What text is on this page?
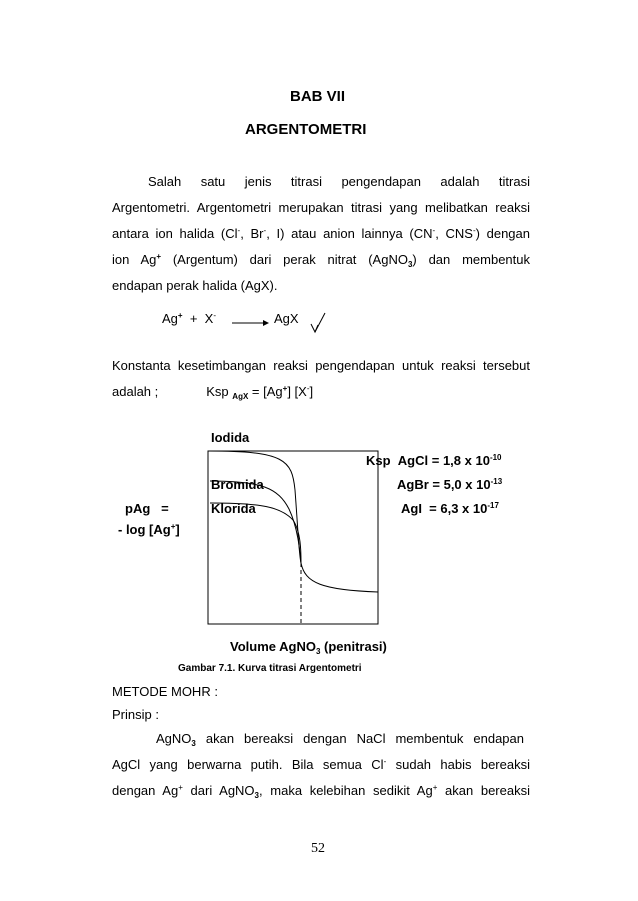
BAB VII
ARGENTOMETRI
Salah satu jenis titrasi pengendapan adalah titrasi
Argentometri. Argentometri merupakan titrasi yang melibatkan reaksi
antara ion halida (Cl-, Br-, I) atau anion lainnya (CN-, CNS-) dengan
ion Ag+ (Argentum) dari perak nitrat (AgNO$_3$) dan membentuk
endapan perak halida (AgX).
Ag+ + X- → AgX
Konstanta kesetimbangan reaksi pengendapan untuk reaksi tersebut
adalah ;	Ksp $_{AgX}$ = [Ag+] [X-]
Iodida
Bromida
Klorida
pAg   =
- log [Ag+]
Ksp AgCl = 1,8 x $10^{-10}$
AgBr = 5,0 x $10^{-13}$
AgI  = 6,3 x $10^{-17}$
Volume AgNO$_3$ (penitrasi)
Gambar 7.1. Kurva titrasi Argentometri
METODE MOHR :
Prinsip :
AgNO$_3$ akan bereaksi dengan NaCl membentuk endapan
AgCl yang berwarna putih. Bila semua Cl- sudah habis bereaksi
dengan Ag+ dari AgNO$_3$, maka kelebihan sedikit Ag+ akan bereaksi
52
